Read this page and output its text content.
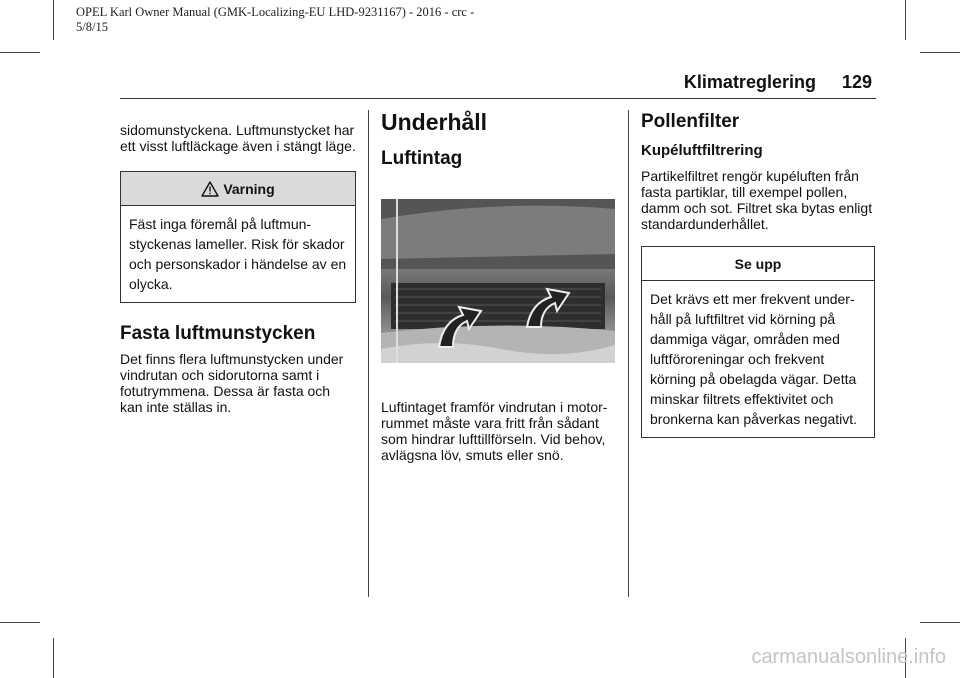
OPEL Karl Owner Manual (GMK-Localizing-EU LHD-9231167) - 2016 - crc - 5/8/15
Klimatreglering 129

sidomunstyckena. Luftmunstycket har ett visst luftläckage även i stängt läge.

Varning
Fäst inga föremål på luftmun-styckenas lameller. Risk för skador och personskador i händelse av en olycka.
Fasta luftmunstycken

Det finns flera luftmunstycken under vindrutan och sidorutorna samt i fotutrymmena. Dessa är fasta och kan inte ställas in.

Underhåll
Luftintag

Luftintaget framför vindrutan i motor-rummet måste vara fritt från sådant som hindrar lufttillförseln. Vid behov, avlägsna löv, smuts eller snö.

Pollenfilter
Kupéluftfiltrering

Partikelfiltret rengör kupéluften från fasta partiklar, till exempel pollen, damm och sot. Filtret ska bytas enligt standardunderhållet.

Se upp
Det krävs ett mer frekvent under-håll på luftfiltret vid körning på dammiga vägar, områden med luftföroreningar och frekvent körning på obelagda vägar. Detta minskar filtrets effektivitet och bronkerna kan påverkas negativt.
carmanualsonline.info
